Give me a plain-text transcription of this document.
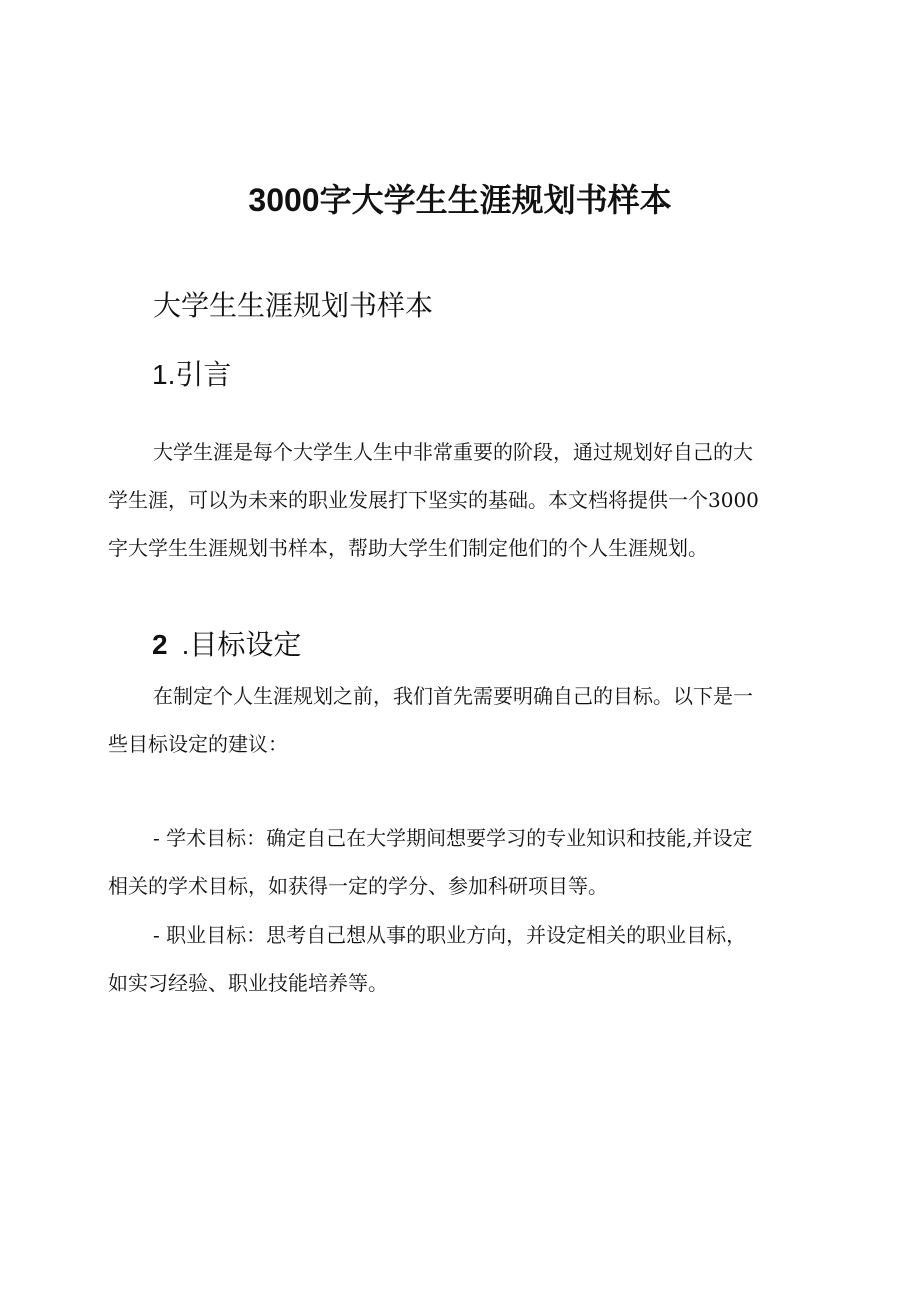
3000字大学生生涯规划书样本
大学生生涯规划书样本
1.引言
大学生涯是每个大学生人生中非常重要的阶段，通过规划好自己的大
学生涯，可以为未来的职业发展打下坚实的基础。本文档将提供一个3000
字大学生生涯规划书样本，帮助大学生们制定他们的个人生涯规划。
2 .目标设定
在制定个人生涯规划之前，我们首先需要明确自己的目标。以下是一
些目标设定的建议：
- 学术目标：确定自己在大学期间想要学习的专业知识和技能,并设定
相关的学术目标，如获得一定的学分、参加科研项目等。
- 职业目标：思考自己想从事的职业方向，并设定相关的职业目标，
如实习经验、职业技能培养等。
